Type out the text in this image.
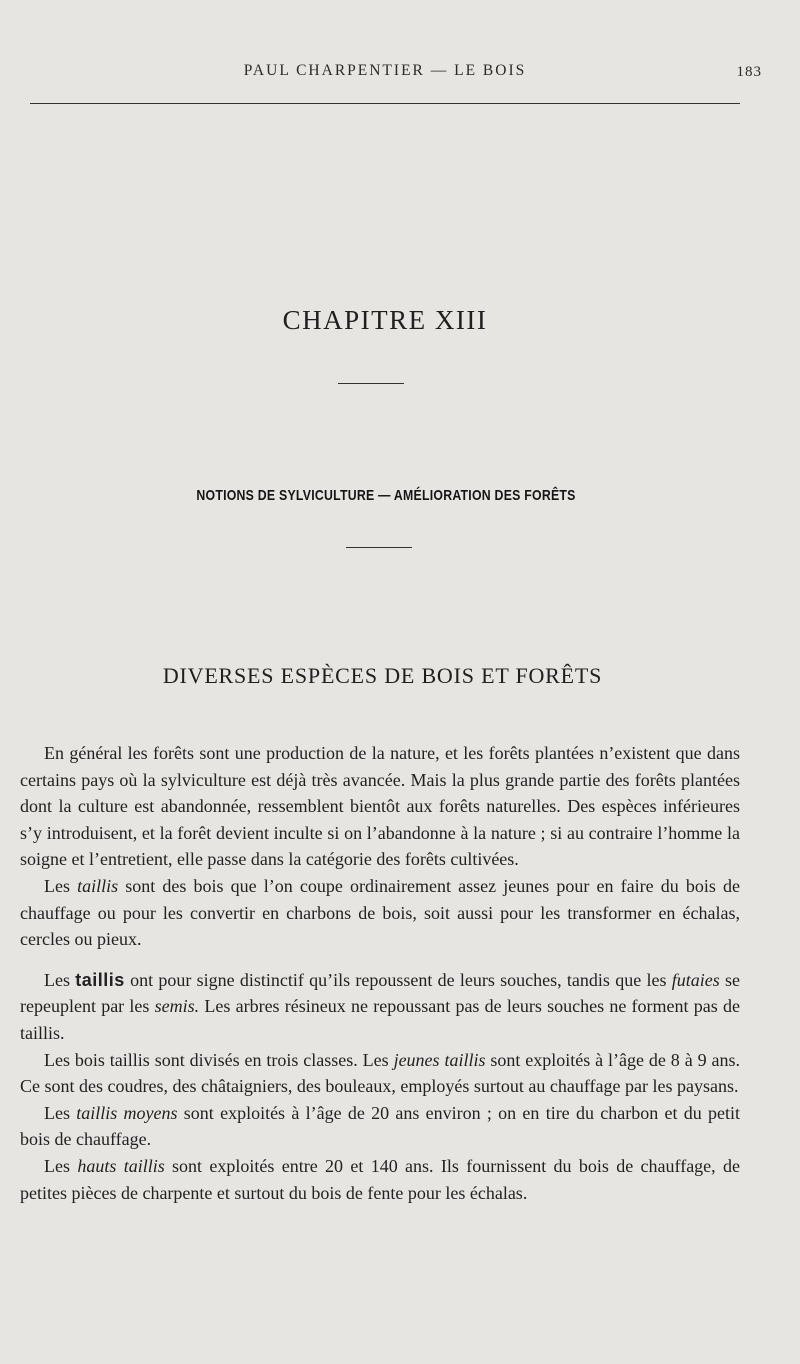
PAUL CHARPENTIER — LE BOIS	183
CHAPITRE XIII
NOTIONS DE SYLVICULTURE — AMÉLIORATION DES FORÊTS
DIVERSES ESPÈCES DE BOIS ET FORÊTS

En général les forêts sont une production de la nature, et les forêts plantées n’existent que dans certains pays où la sylviculture est déjà très avancée. Mais la plus grande partie des forêts plantées dont la culture est abandonnée, ressemblent bientôt aux forêts naturelles. Des espèces inférieures s’y introduisent, et la forêt devient inculte si on l’abandonne à la nature ; si au contraire l’homme la soigne et l’entretient, elle passe dans la catégorie des forêts cultivées.

Les taillis sont des bois que l’on coupe ordinairement assez jeunes pour en faire du bois de chauffage ou pour les convertir en charbons de bois, soit aussi pour les transformer en échalas, cercles ou pieux.

Les taillis ont pour signe distinctif qu’ils repoussent de leurs souches, tandis que les futaies se repeuplent par les semis. Les arbres résineux ne repoussant pas de leurs souches ne forment pas de taillis.

Les bois taillis sont divisés en trois classes. Les jeunes taillis sont exploités à l’âge de 8 à 9 ans. Ce sont des coudres, des châtaigniers, des bouleaux, employés surtout au chauffage par les paysans.

Les taillis moyens sont exploités à l’âge de 20 ans environ ; on en tire du charbon et du petit bois de chauffage.

Les hauts taillis sont exploités entre 20 et 140 ans. Ils fournissent du bois de chauffage, de petites pièces de charpente et surtout du bois de fente pour les échalas.
